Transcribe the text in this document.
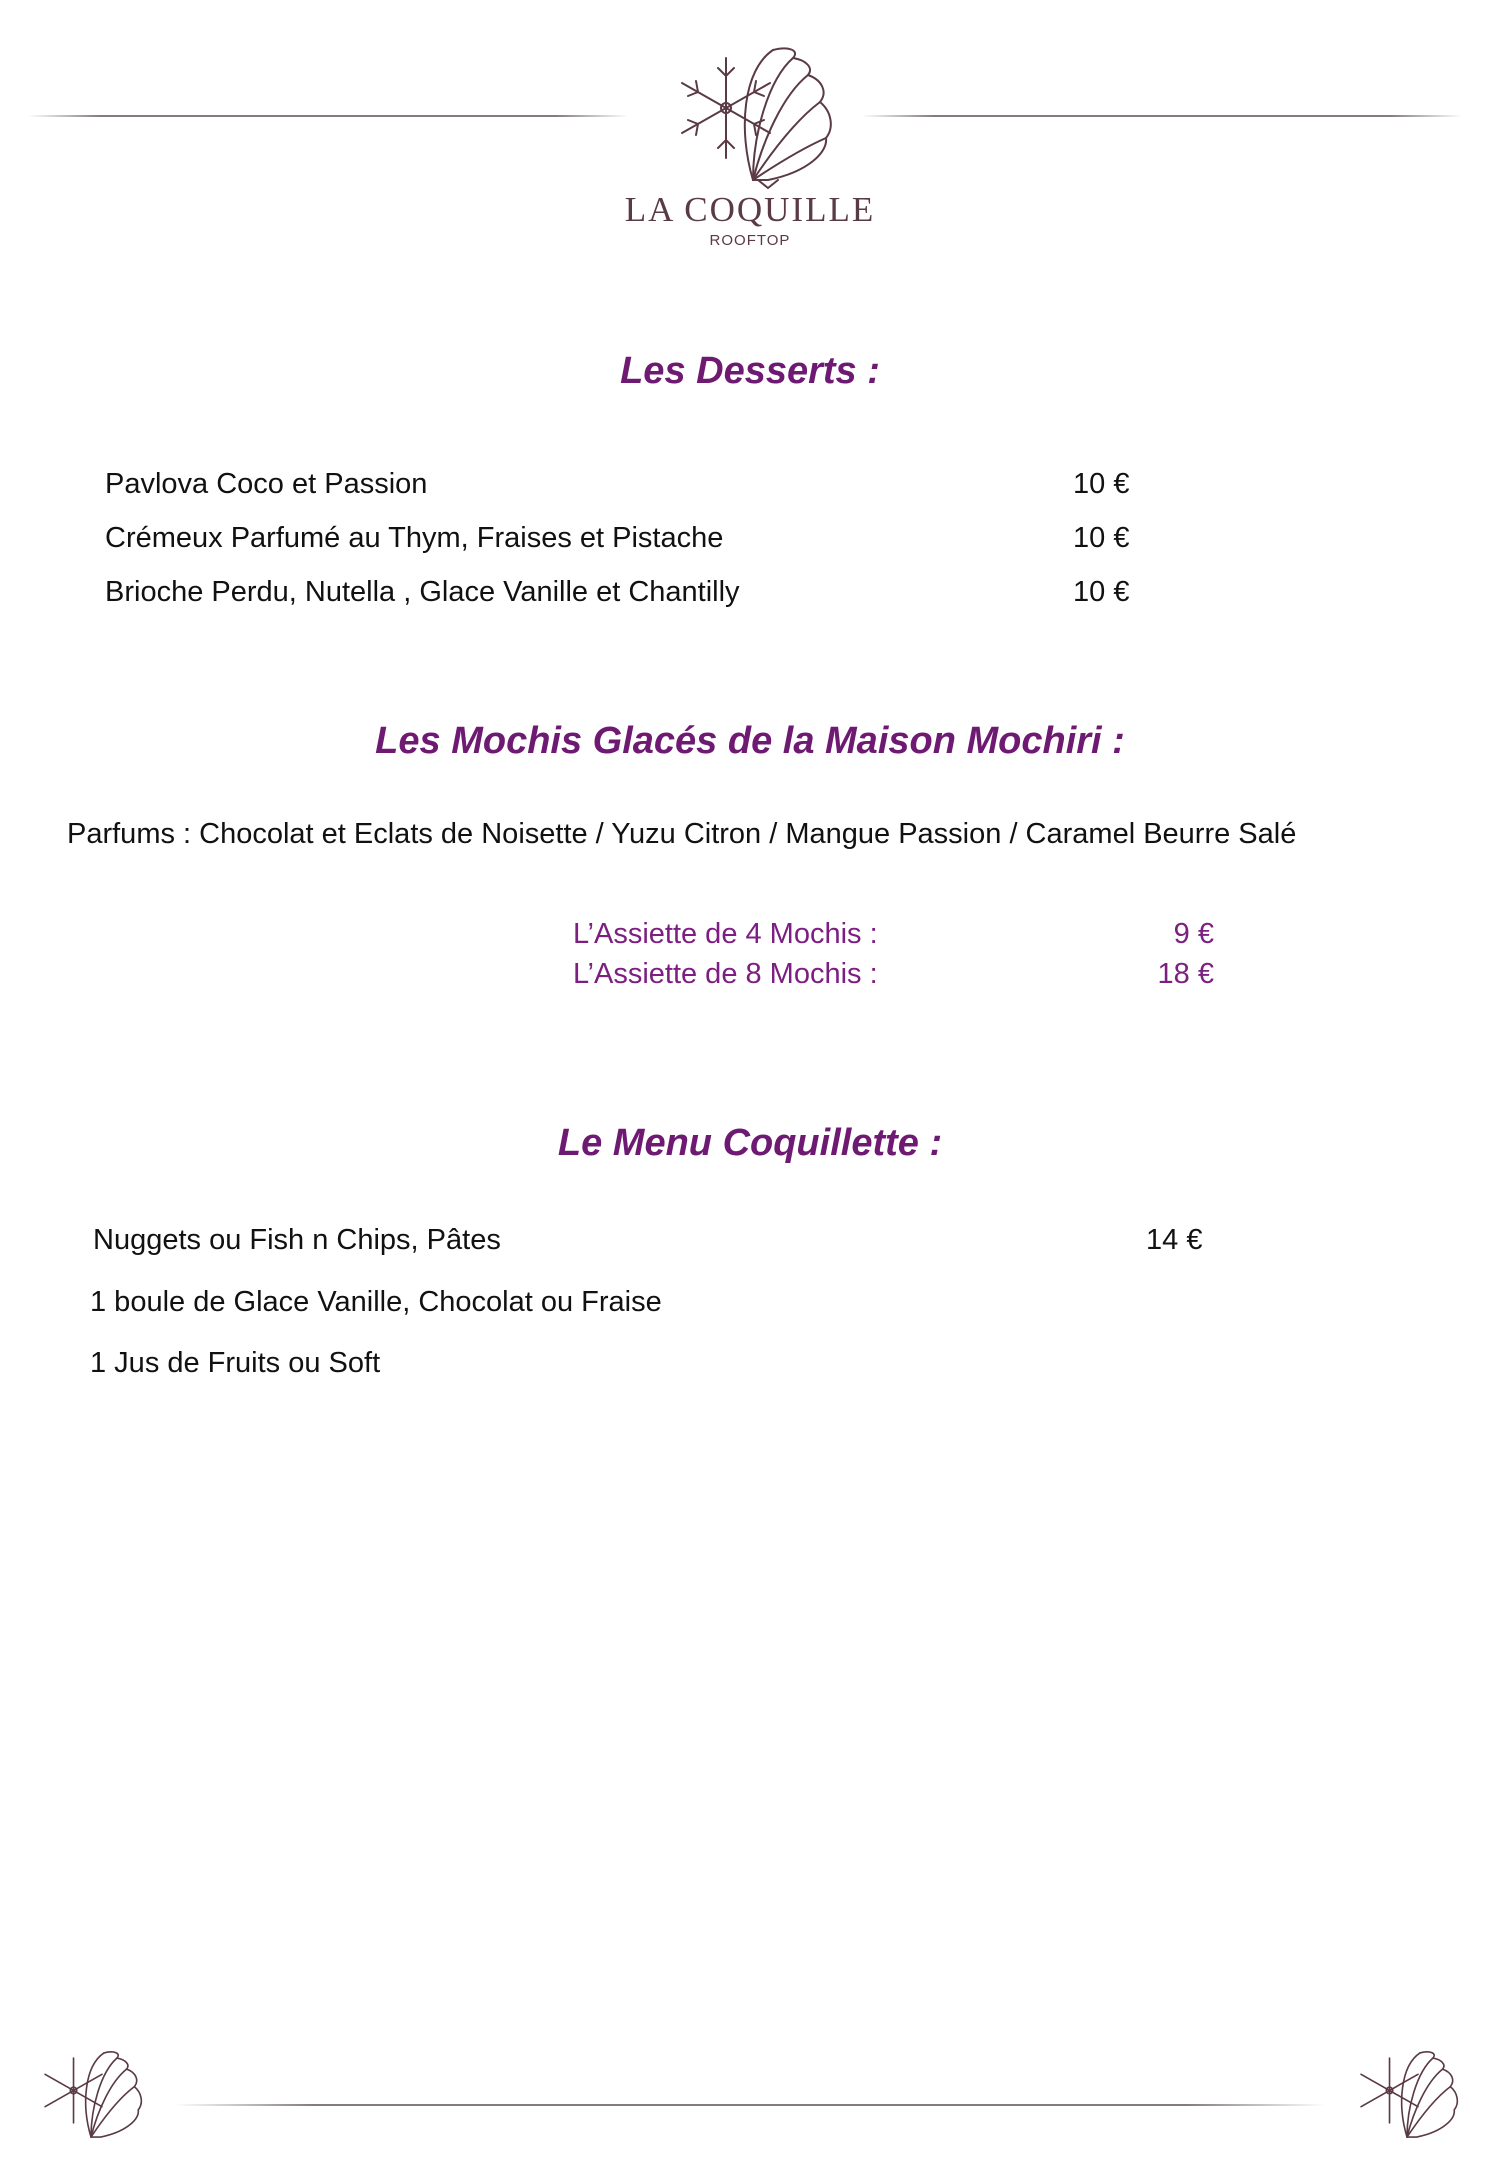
LA COQUILLE
ROOFTOP
Les Desserts :
Pavlova Coco et Passion	10 €
Crémeux Parfumé au Thym, Fraises et Pistache	10 €
Brioche Perdu, Nutella , Glace Vanille et Chantilly	10 €
Les Mochis Glacés de la Maison Mochiri :
Parfums : Chocolat et Eclats de Noisette / Yuzu Citron / Mangue Passion / Caramel Beurre Salé
L’Assiette de 4 Mochis :	9 €
L’Assiette de 8 Mochis :	18 €
Le Menu Coquillette :
Nuggets ou Fish n Chips, Pâtes	14 €
1 boule de Glace Vanille, Chocolat ou Fraise
1 Jus de Fruits ou Soft
